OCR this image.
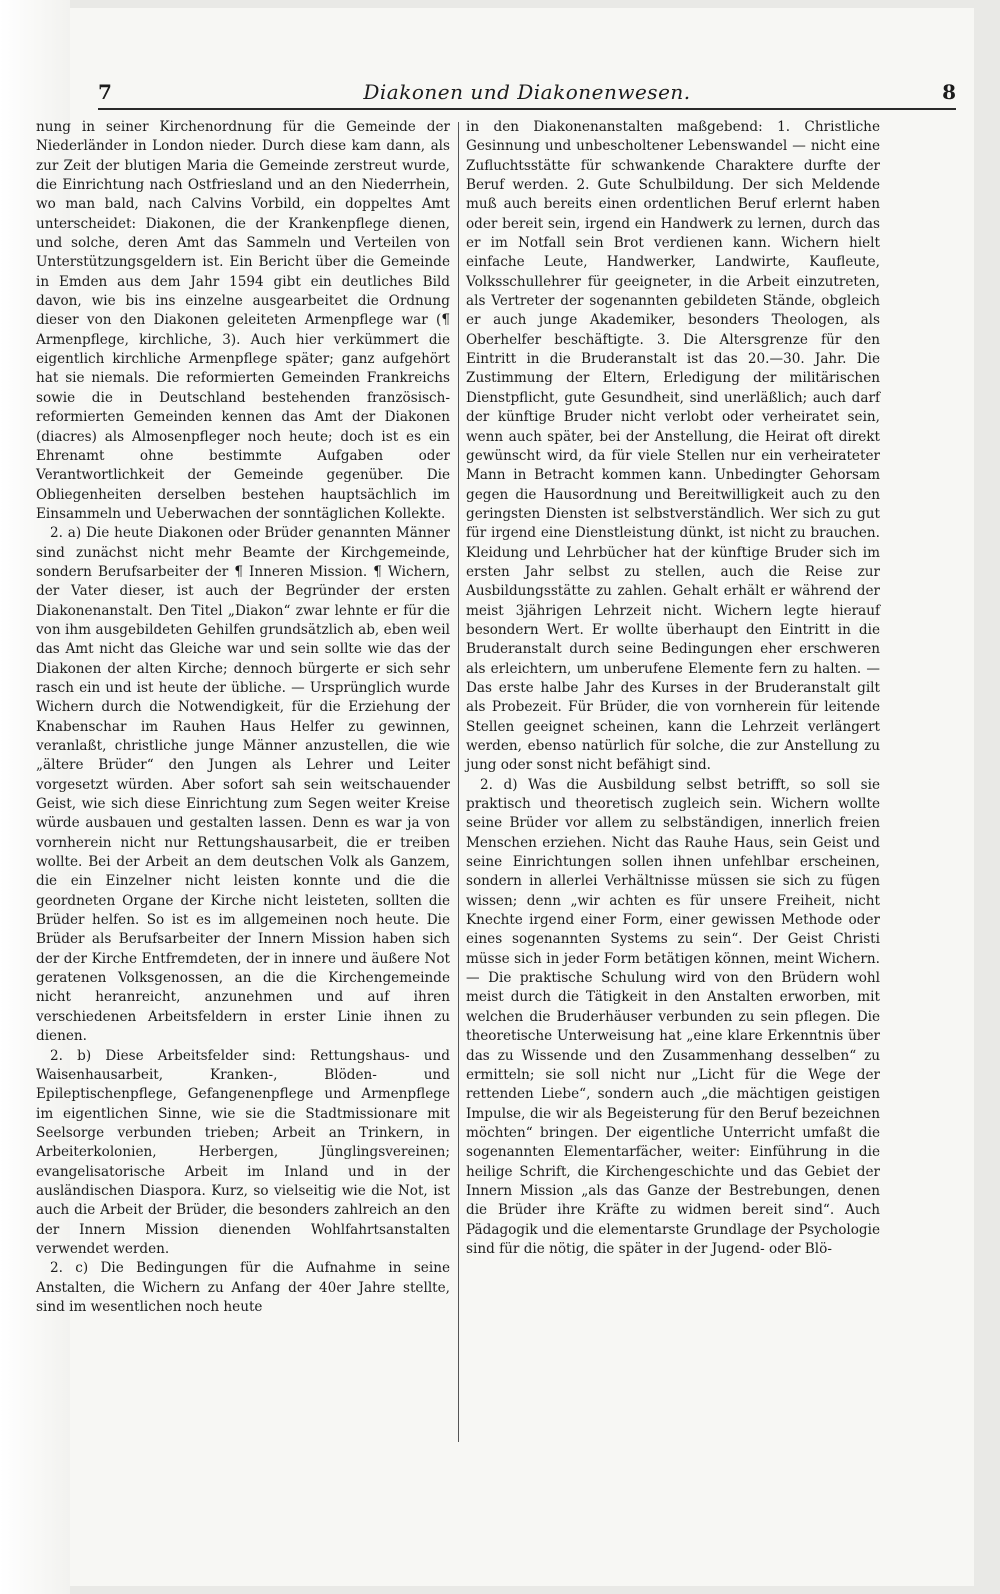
7	Diakonen und Diakonenwesen.	8

nung in seiner Kirchenordnung für die Gemeinde der Niederländer in London nieder. Durch diese kam dann, als zur Zeit der blutigen Maria die Gemeinde zerstreut wurde, die Einrichtung nach Ostfriesland und an den Niederrhein, wo man bald, nach Calvins Vorbild, ein doppeltes Amt unterscheidet: Diakonen, die der Krankenpflege dienen, und solche, deren Amt das Sammeln und Verteilen von Unterstützungsgeldern ist. Ein Bericht über die Gemeinde in Emden aus dem Jahr 1594 gibt ein deutliches Bild davon, wie bis ins einzelne ausgearbeitet die Ordnung dieser von den Diakonen geleiteten Armenpflege war (¶ Armenpflege, kirchliche, 3). Auch hier verkümmert die eigentlich kirchliche Armenpflege später; ganz aufgehört hat sie niemals. Die reformierten Gemeinden Frankreichs sowie die in Deutschland bestehenden französisch-reformierten Gemeinden kennen das Amt der Diakonen (diacres) als Almosenpfleger noch heute; doch ist es ein Ehrenamt ohne bestimmte Aufgaben oder Verantwortlichkeit der Gemeinde gegenüber. Die Obliegenheiten derselben bestehen hauptsächlich im Einsammeln und Ueberwachen der sonntäglichen Kollekte.

2. a) Die heute Diakonen oder Brüder genannten Männer sind zunächst nicht mehr Beamte der Kirchgemeinde, sondern Berufsarbeiter der ¶ Inneren Mission. ¶ Wichern, der Vater dieser, ist auch der Begründer der ersten Diakonenanstalt. Den Titel „Diakon“ zwar lehnte er für die von ihm ausgebildeten Gehilfen grundsätzlich ab, eben weil das Amt nicht das Gleiche war und sein sollte wie das der Diakonen der alten Kirche; dennoch bürgerte er sich sehr rasch ein und ist heute der übliche. — Ursprünglich wurde Wichern durch die Notwendigkeit, für die Erziehung der Knabenschar im Rauhen Haus Helfer zu gewinnen, veranlaßt, christliche junge Männer anzustellen, die wie „ältere Brüder“ den Jungen als Lehrer und Leiter vorgesetzt würden. Aber sofort sah sein weitschauender Geist, wie sich diese Einrichtung zum Segen weiter Kreise würde ausbauen und gestalten lassen. Denn es war ja von vornherein nicht nur Rettungshausarbeit, die er treiben wollte. Bei der Arbeit an dem deutschen Volk als Ganzem, die ein Einzelner nicht leisten konnte und die die geordneten Organe der Kirche nicht leisteten, sollten die Brüder helfen. So ist es im allgemeinen noch heute. Die Brüder als Berufsarbeiter der Innern Mission haben sich der der Kirche Entfremdeten, der in innere und äußere Not geratenen Volksgenossen, an die die Kirchengemeinde nicht heranreicht, anzunehmen und auf ihren verschiedenen Arbeitsfeldern in erster Linie ihnen zu dienen.

2. b) Diese Arbeitsfelder sind: Rettungshaus- und Waisenhausarbeit, Kranken-, Blöden- und Epileptischenpflege, Gefangenenpflege und Armenpflege im eigentlichen Sinne, wie sie die Stadtmissionare mit Seelsorge verbunden trieben; Arbeit an Trinkern, in Arbeiterkolonien, Herbergen, Jünglingsvereinen; evangelisatorische Arbeit im Inland und in der ausländischen Diaspora. Kurz, so vielseitig wie die Not, ist auch die Arbeit der Brüder, die besonders zahlreich an den der Innern Mission dienenden Wohlfahrtsanstalten verwendet werden.

2. c) Die Bedingungen für die Aufnahme in seine Anstalten, die Wichern zu Anfang der 40er Jahre stellte, sind im wesentlichen noch heute

in den Diakonenanstalten maßgebend: 1. Christliche Gesinnung und unbescholtener Lebenswandel — nicht eine Zufluchtsstätte für schwankende Charaktere durfte der Beruf werden. 2. Gute Schulbildung. Der sich Meldende muß auch bereits einen ordentlichen Beruf erlernt haben oder bereit sein, irgend ein Handwerk zu lernen, durch das er im Notfall sein Brot verdienen kann. Wichern hielt einfache Leute, Handwerker, Landwirte, Kaufleute, Volksschullehrer für geeigneter, in die Arbeit einzutreten, als Vertreter der sogenannten gebildeten Stände, obgleich er auch junge Akademiker, besonders Theologen, als Oberhelfer beschäftigte. 3. Die Altersgrenze für den Eintritt in die Bruderanstalt ist das 20.—30. Jahr. Die Zustimmung der Eltern, Erledigung der militärischen Dienstpflicht, gute Gesundheit, sind unerläßlich; auch darf der künftige Bruder nicht verlobt oder verheiratet sein, wenn auch später, bei der Anstellung, die Heirat oft direkt gewünscht wird, da für viele Stellen nur ein verheirateter Mann in Betracht kommen kann. Unbedingter Gehorsam gegen die Hausordnung und Bereitwilligkeit auch zu den geringsten Diensten ist selbstverständlich. Wer sich zu gut für irgend eine Dienstleistung dünkt, ist nicht zu brauchen. Kleidung und Lehrbücher hat der künftige Bruder sich im ersten Jahr selbst zu stellen, auch die Reise zur Ausbildungsstätte zu zahlen. Gehalt erhält er während der meist 3jährigen Lehrzeit nicht. Wichern legte hierauf besondern Wert. Er wollte überhaupt den Eintritt in die Bruderanstalt durch seine Bedingungen eher erschweren als erleichtern, um unberufene Elemente fern zu halten. — Das erste halbe Jahr des Kurses in der Bruderanstalt gilt als Probezeit. Für Brüder, die von vornherein für leitende Stellen geeignet scheinen, kann die Lehrzeit verlängert werden, ebenso natürlich für solche, die zur Anstellung zu jung oder sonst nicht befähigt sind.

2. d) Was die Ausbildung selbst betrifft, so soll sie praktisch und theoretisch zugleich sein. Wichern wollte seine Brüder vor allem zu selbständigen, innerlich freien Menschen erziehen. Nicht das Rauhe Haus, sein Geist und seine Einrichtungen sollen ihnen unfehlbar erscheinen, sondern in allerlei Verhältnisse müssen sie sich zu fügen wissen; denn „wir achten es für unsere Freiheit, nicht Knechte irgend einer Form, einer gewissen Methode oder eines sogenannten Systems zu sein“. Der Geist Christi müsse sich in jeder Form betätigen können, meint Wichern. — Die praktische Schulung wird von den Brüdern wohl meist durch die Tätigkeit in den Anstalten erworben, mit welchen die Bruderhäuser verbunden zu sein pflegen. Die theoretische Unterweisung hat „eine klare Erkenntnis über das zu Wissende und den Zusammenhang desselben“ zu ermitteln; sie soll nicht nur „Licht für die Wege der rettenden Liebe“, sondern auch „die mächtigen geistigen Impulse, die wir als Begeisterung für den Beruf bezeichnen möchten“ bringen. Der eigentliche Unterricht umfaßt die sogenannten Elementarfächer, weiter: Einführung in die heilige Schrift, die Kirchengeschichte und das Gebiet der Innern Mission „als das Ganze der Bestrebungen, denen die Brüder ihre Kräfte zu widmen bereit sind“. Auch Pädagogik und die elementarste Grundlage der Psychologie sind für die nötig, die später in der Jugend- oder Blö-
